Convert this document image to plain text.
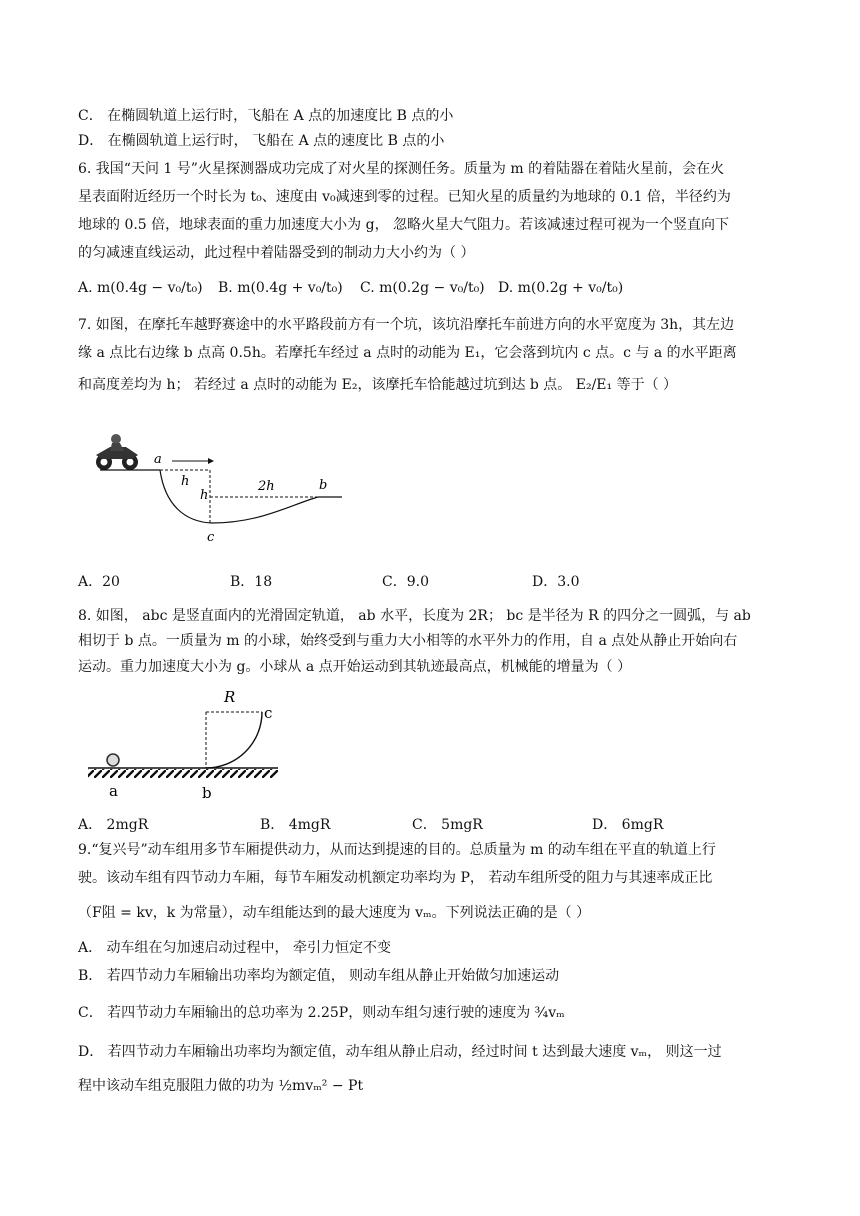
C． 在椭圆轨道上运行时，飞船在 A 点的加速度比 B 点的小
D． 在椭圆轨道上运行时， 飞船在 A 点的速度比 B 点的小
6. 我国“天问 1 号”火星探测器成功完成了对火星的探测任务。质量为 m 的着陆器在着陆火星前，会在火
星表面附近经历一个时长为 t₀、速度由 v₀减速到零的过程。已知火星的质量约为地球的 0.1 倍，半径约为
地球的 0.5 倍，地球表面的重力加速度大小为 g， 忽略火星大气阻力。若该减速过程可视为一个竖直向下
的匀减速直线运动，此过程中着陆器受到的制动力大小约为（ ）
A. m(0.4g − v₀/t₀) B. m(0.4g + v₀/t₀) C. m(0.2g − v₀/t₀) D. m(0.2g + v₀/t₀)
7. 如图，在摩托车越野赛途中的水平路段前方有一个坑，该坑沿摩托车前进方向的水平宽度为 3h，其左边
缘 a 点比右边缘 b 点高 0.5h。若摩托车经过 a 点时的动能为 E₁，它会落到坑内 c 点。c 与 a 的水平距离
和高度差均为 h； 若经过 a 点时的动能为 E₂，该摩托车恰能越过坑到达 b 点。 E₂/E₁ 等于（ ）
a
h
h
2h	b
c
A．20	B．18	C．9.0	D．3.0
8. 如图， abc 是竖直面内的光滑固定轨道， ab 水平，长度为 2R； bc 是半径为 R 的四分之一圆弧，与 ab
相切于 b 点。一质量为 m 的小球，始终受到与重力大小相等的水平外力的作用，自 a 点处从静止开始向右
运动。重力加速度大小为 g。小球从 a 点开始运动到其轨迹最高点，机械能的增量为（ ）
R
c
a	b
A． 2mgR	B． 4mgR	C． 5mgR	D． 6mgR
9.“复兴号”动车组用多节车厢提供动力，从而达到提速的目的。总质量为 m 的动车组在平直的轨道上行
驶。该动车组有四节动力车厢，每节车厢发动机额定功率均为 P， 若动车组所受的阻力与其速率成正比
（F阻 = kv，k 为常量），动车组能达到的最大速度为 vₘ。下列说法正确的是（ ）
A． 动车组在匀加速启动过程中， 牵引力恒定不变
B． 若四节动力车厢输出功率均为额定值， 则动车组从静止开始做匀加速运动
C． 若四节动力车厢输出的总功率为 2.25P，则动车组匀速行驶的速度为 ¾vₘ
D． 若四节动力车厢输出功率均为额定值，动车组从静止启动，经过时间 t 达到最大速度 vₘ， 则这一过
程中该动车组克服阻力做的功为 ½mvₘ² − Pt
